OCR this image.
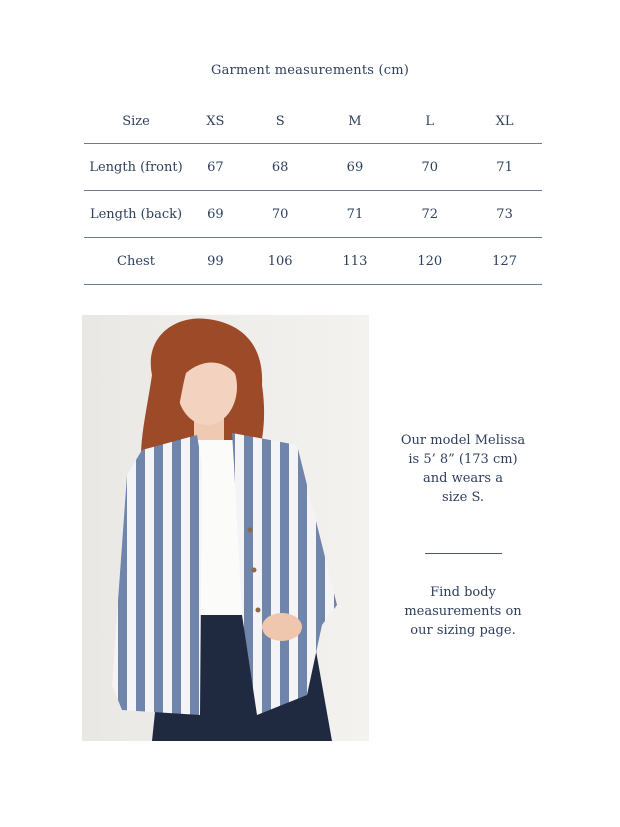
Garment measurements (cm)
Size	XS	S	M	L	XL
Length (front)	67	68	69	70	71
Length (back)	69	70	71	72	73
Chest	99	106	113	120	127
Our model Melissa
is 5’ 8” (173 cm)
and wears a
size S.
Find body
measurements on
our sizing page.
